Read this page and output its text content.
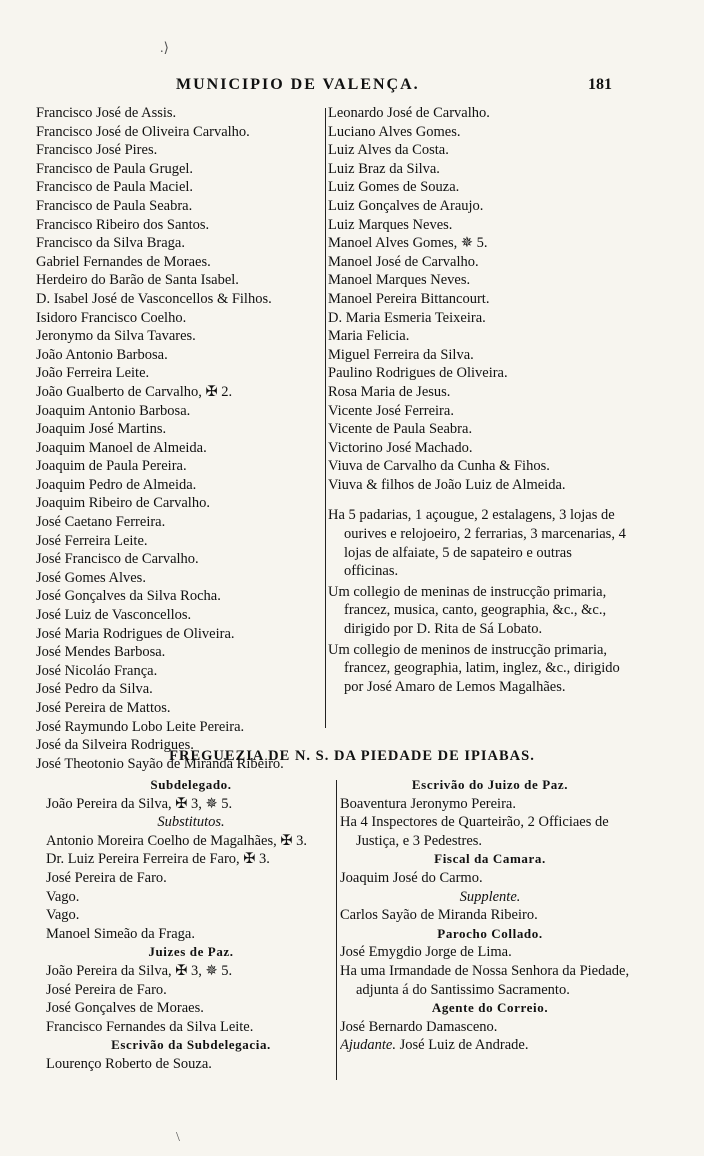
.⟩
MUNICIPIO DE VALENÇA.	181
Francisco José de Assis.
Francisco José de Oliveira Carvalho.
Francisco José Pires.
Francisco de Paula Grugel.
Francisco de Paula Maciel.
Francisco de Paula Seabra.
Francisco Ribeiro dos Santos.
Francisco da Silva Braga.
Gabriel Fernandes de Moraes.
Herdeiro do Barão de Santa Isabel.
D. Isabel José de Vasconcellos & Filhos.
Isidoro Francisco Coelho.
Jeronymo da Silva Tavares.
João Antonio Barbosa.
João Ferreira Leite.
João Gualberto de Carvalho, ✠ 2.
Joaquim Antonio Barbosa.
Joaquim José Martins.
Joaquim Manoel de Almeida.
Joaquim de Paula Pereira.
Joaquim Pedro de Almeida.
Joaquim Ribeiro de Carvalho.
José Caetano Ferreira.
José Ferreira Leite.
José Francisco de Carvalho.
José Gomes Alves.
José Gonçalves da Silva Rocha.
José Luiz de Vasconcellos.
José Maria Rodrigues de Oliveira.
José Mendes Barbosa.
José Nicoláo França.
José Pedro da Silva.
José Pereira de Mattos.
José Raymundo Lobo Leite Pereira.
José da Silveira Rodrigues.
José Theotonio Sayão de Miranda Ribeiro.
Leonardo José de Carvalho.
Luciano Alves Gomes.
Luiz Alves da Costa.
Luiz Braz da Silva.
Luiz Gomes de Souza.
Luiz Gonçalves de Araujo.
Luiz Marques Neves.
Manoel Alves Gomes, ✵ 5.
Manoel José de Carvalho.
Manoel Marques Neves.
Manoel Pereira Bittancourt.
D. Maria Esmeria Teixeira.
Maria Felicia.
Miguel Ferreira da Silva.
Paulino Rodrigues de Oliveira.
Rosa Maria de Jesus.
Vicente José Ferreira.
Vicente de Paula Seabra.
Victorino José Machado.
Viuva de Carvalho da Cunha & Fihos.
Viuva & filhos de João Luiz de Almeida.
Ha 5 padarias, 1 açougue, 2 estalagens, 3 lojas de ourives e relojoeiro, 2 ferrarias, 3 marcenarias, 4 lojas de alfaiate, 5 de sapateiro e outras officinas.
Um collegio de meninas de instrucção primaria, francez, musica, canto, geographia, &c., &c., dirigido por D. Rita de Sá Lobato.
Um collegio de meninos de instrucção primaria, francez, geographia, latim, inglez, &c., dirigido por José Amaro de Lemos Magalhães.
FREGUEZIA DE N. S. DA PIEDADE DE IPIABAS.
Subdelegado.
João Pereira da Silva, ✠ 3, ✵ 5.
Substitutos.
Antonio Moreira Coelho de Magalhães, ✠ 3.
Dr. Luiz Pereira Ferreira de Faro, ✠ 3.
José Pereira de Faro.
Vago.
Vago.
Manoel Simeão da Fraga.
Juizes de Paz.
João Pereira da Silva, ✠ 3, ✵ 5.
José Pereira de Faro.
José Gonçalves de Moraes.
Francisco Fernandes da Silva Leite.
Escrivão da Subdelegacia.
Lourenço Roberto de Souza.
Escrivão do Juizo de Paz.
Boaventura Jeronymo Pereira.
Ha 4 Inspectores de Quarteirão, 2 Officiaes de Justiça, e 3 Pedestres.
Fiscal da Camara.
Joaquim José do Carmo.
Supplente.
Carlos Sayão de Miranda Ribeiro.
Parocho Collado.
José Emygdio Jorge de Lima.
Ha uma Irmandade de Nossa Senhora da Piedade, adjunta á do Santissimo Sacramento.
Agente do Correio.
José Bernardo Damasceno.
Ajudante. José Luiz de Andrade.
\
